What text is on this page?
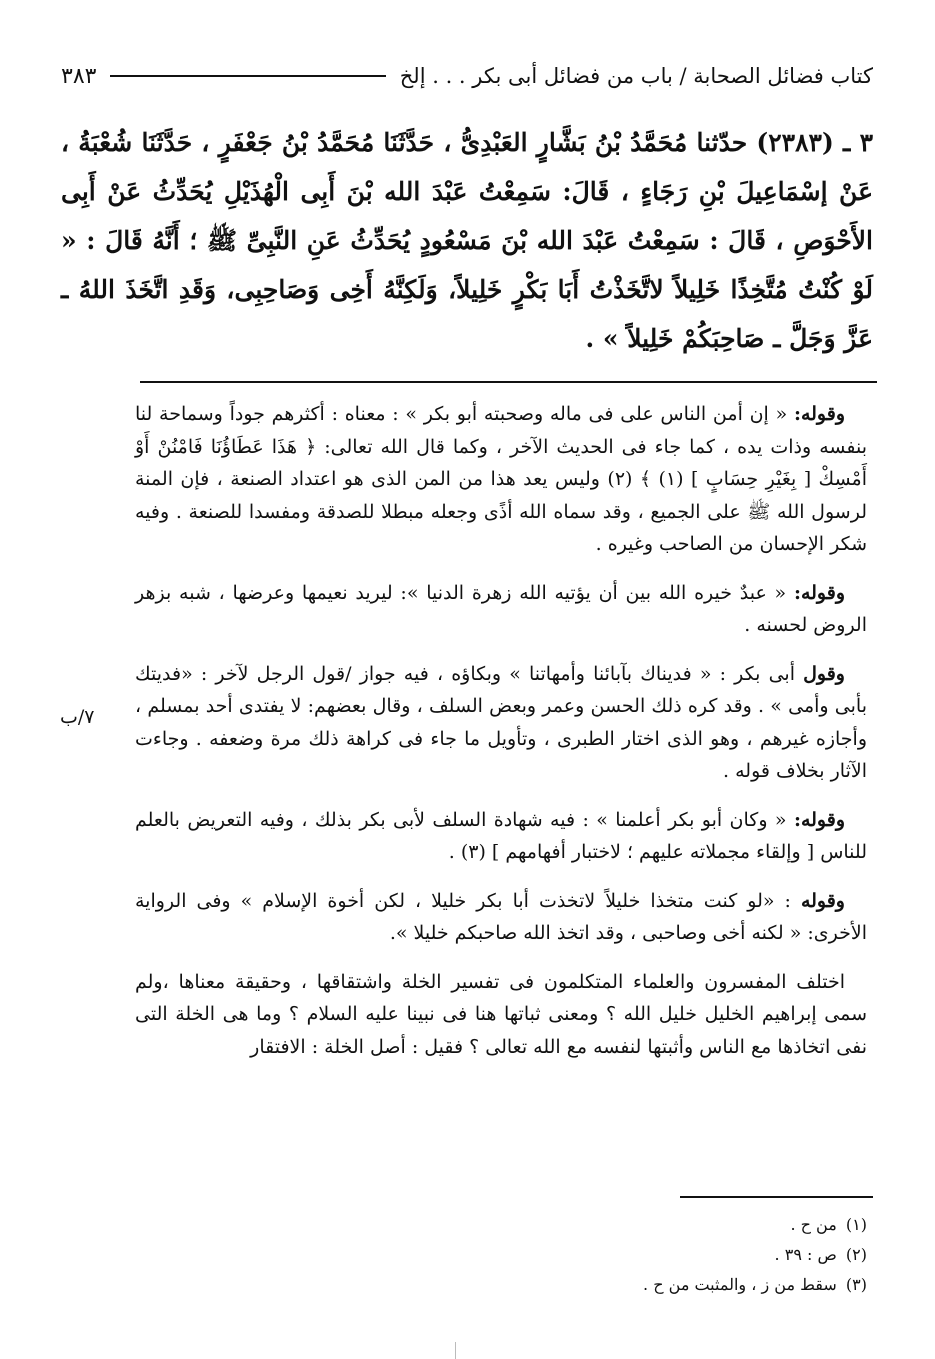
كتاب فضائل الصحابة / باب من فضائل أبى بكر . . . إلخ
٣٨٣
٣ ـ (٢٣٨٣) حدّثنا مُحَمَّدُ بْنُ بَشَّارٍ العَبْدِىُّ ، حَدَّثَنَا مُحَمَّدُ بْنُ جَعْفَرٍ ، حَدَّثَنَا شُعْبَةُ ، عَنْ إسْمَاعِيلَ بْنِ رَجَاءٍ ، قَالَ: سَمِعْتُ عَبْدَ الله بْنَ أَبِى الْهُذَيْلِ يُحَدِّثُ عَنْ أَبِى الأَحْوَصِ ، قَالَ : سَمِعْتُ عَبْدَ الله بْنَ مَسْعُودٍ يُحَدِّثُ عَنِ النَّبِىِّ ﷺ ؛ أَنَّهُ قَالَ : « لَوْ كُنْتُ مُتَّخِذًا خَلِيلاً لاتَّخَذْتُ أَبَا بَكْرٍ خَلِيلاً، وَلَكِنَّهُ أَخِى وَصَاحِبِى، وَقَدِ اتَّخَذَ اللهُ ـ عَزَّ وَجَلَّ ـ صَاحِبَكُمْ خَلِيلاً » .

وقوله: « إن أمن الناس على فى ماله وصحبته أبو بكر » : معناه : أكثرهم جوداً وسماحة لنا بنفسه وذات يده ، كما جاء فى الحديث الآخر ، وكما قال الله تعالى: ﴿ هَذَا عَطَاؤُنَا فَامْنُنْ أَوْ أَمْسِكْ [ بِغَيْرِ حِسَابٍ ] (١) ﴾ (٢) وليس يعد هذا من المن الذى هو اعتداد الصنعة ، فإن المنة لرسول الله ﷺ على الجميع ، وقد سماه الله أذًى وجعله مبطلا للصدقة ومفسدا للصنعة . وفيه شكر الإحسان من الصاحب وغيره .

وقوله: « عبدٌ خيره الله بين أن يؤتيه الله زهرة الدنيا »: ليريد نعيمها وعرضها ، شبه بزهر الروض لحسنه .

وقول أبى بكر : « فديناك بآبائنا وأمهاتنا » وبكاؤه ، فيه جواز /قول الرجل لآخر : «فديتك بأبى وأمى » . وقد كره ذلك الحسن وعمر وبعض السلف ، وقال بعضهم: لا يفتدى أحد بمسلم ، وأجازه غيرهم ، وهو الذى اختار الطبرى ، وتأويل ما جاء فى كراهة ذلك مرة وضعفه . وجاءت الآثار بخلاف قوله .

وقوله: « وكان أبو بكر أعلمنا » : فيه شهادة السلف لأبى بكر بذلك ، وفيه التعريض بالعلم للناس [ وإلقاء مجملاته عليهم ؛ لاختبار أفهامهم ] (٣) .

وقوله : «لو كنت متخذا خليلاً لاتخذت أبا بكر خليلا ، لكن أخوة الإسلام » وفى الرواية الأخرى: « لكنه أخى وصاحبى ، وقد اتخذ الله صاحبكم خليلا ».

اختلف المفسرون والعلماء المتكلمون فى تفسير الخلة واشتقاقها ، وحقيقة معناها ،ولم سمى إبراهيم الخليل خليل الله ؟ ومعنى ثباتها هنا فى نبينا عليه السلام ؟ وما هى الخلة التى نفى اتخاذها مع الناس وأثبتها لنفسه مع الله تعالى ؟ فقيل : أصل الخلة : الافتقار

٧/ب
(١) من ح .
(٢) ص : ٣٩ .
(٣) سقط من ز ، والمثبت من ح .
